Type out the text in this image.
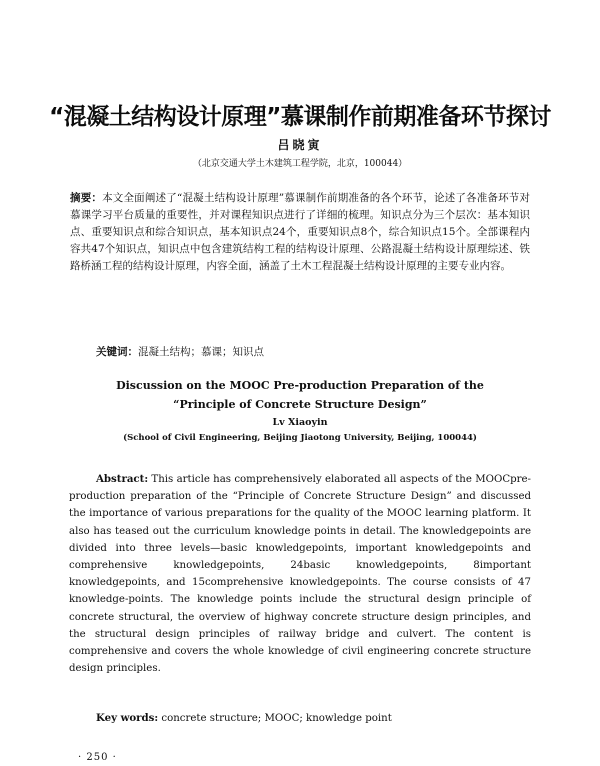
“混凝土结构设计原理”慕课制作前期准备环节探讨
吕晓寅
（北京交通大学土木建筑工程学院，北京，100044）
摘要：本文全面阐述了“混凝土结构设计原理”慕课制作前期准备的各个环节，论述了各准备环节对慕课学习平台质量的重要性，并对课程知识点进行了详细的梳理。知识点分为三个层次：基本知识点、重要知识点和综合知识点，基本知识点24个，重要知识点8个，综合知识点15个。全部课程内容共47个知识点，知识点中包含建筑结构工程的结构设计原理、公路混凝土结构设计原理综述、铁路桥涵工程的结构设计原理，内容全面，涵盖了土木工程混凝土结构设计原理的主要专业内容。
关键词：混凝土结构；慕课；知识点
Discussion on the MOOC Pre-production Preparation of the
“Principle of Concrete Structure Design”
Lv Xiaoyin
(School of Civil Engineering, Beijing Jiaotong University, Beijing, 100044)
Abstract: This article has comprehensively elaborated all aspects of the MOOCpre-production preparation of the “Principle of Concrete Structure Design” and discussed the importance of various preparations for the quality of the MOOC learning platform. It also has teased out the curriculum knowledge points in detail. The knowledgepoints are divided into three levels—basic knowledgepoints, important knowledgepoints and comprehensive knowledgepoints, 24basic knowledgepoints, 8important knowledgepoints, and 15comprehensive knowledgepoints. The course consists of 47 knowledge-points. The knowledge points include the structural design principle of concrete structural, the overview of highway concrete structure design principles, and the structural design principles of railway bridge and culvert. The content is comprehensive and covers the whole knowledge of civil engineering concrete structure design principles.
Key words: concrete structure; MOOC; knowledge point
· 250 ·
